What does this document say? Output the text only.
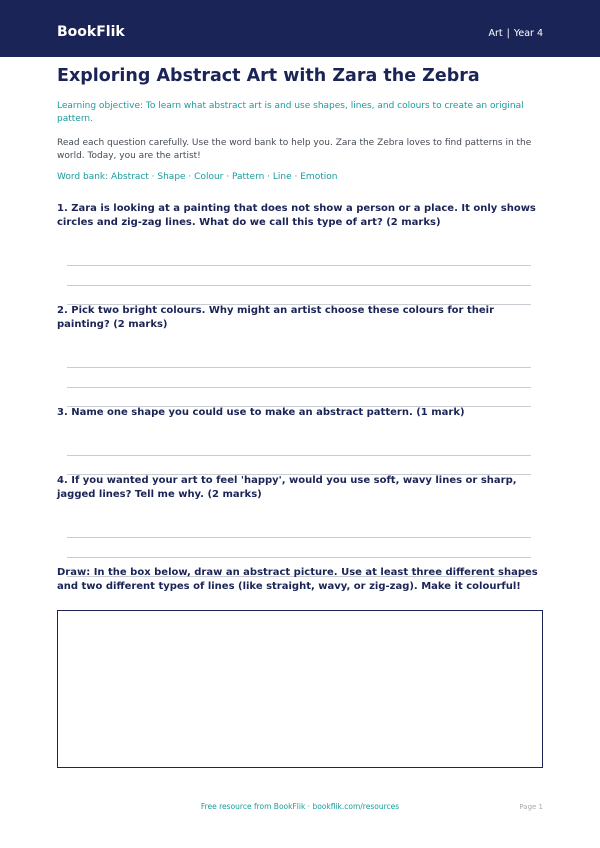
BookFlik	Art | Year 4
Exploring Abstract Art with Zara the Zebra
Learning objective: To learn what abstract art is and use shapes, lines, and colours to create an original pattern.
Read each question carefully. Use the word bank to help you. Zara the Zebra loves to find patterns in the world. Today, you are the artist!
Word bank: Abstract · Shape · Colour · Pattern · Line · Emotion
1. Zara is looking at a painting that does not show a person or a place. It only shows circles and zig-zag lines. What do we call this type of art? (2 marks)
2. Pick two bright colours. Why might an artist choose these colours for their painting? (2 marks)
3. Name one shape you could use to make an abstract pattern. (1 mark)
4. If you wanted your art to feel 'happy', would you use soft, wavy lines or sharp, jagged lines? Tell me why. (2 marks)
Draw: In the box below, draw an abstract picture. Use at least three different shapes and two different types of lines (like straight, wavy, or zig-zag). Make it colourful!
Free resource from BookFlik · bookflik.com/resources	Page 1
